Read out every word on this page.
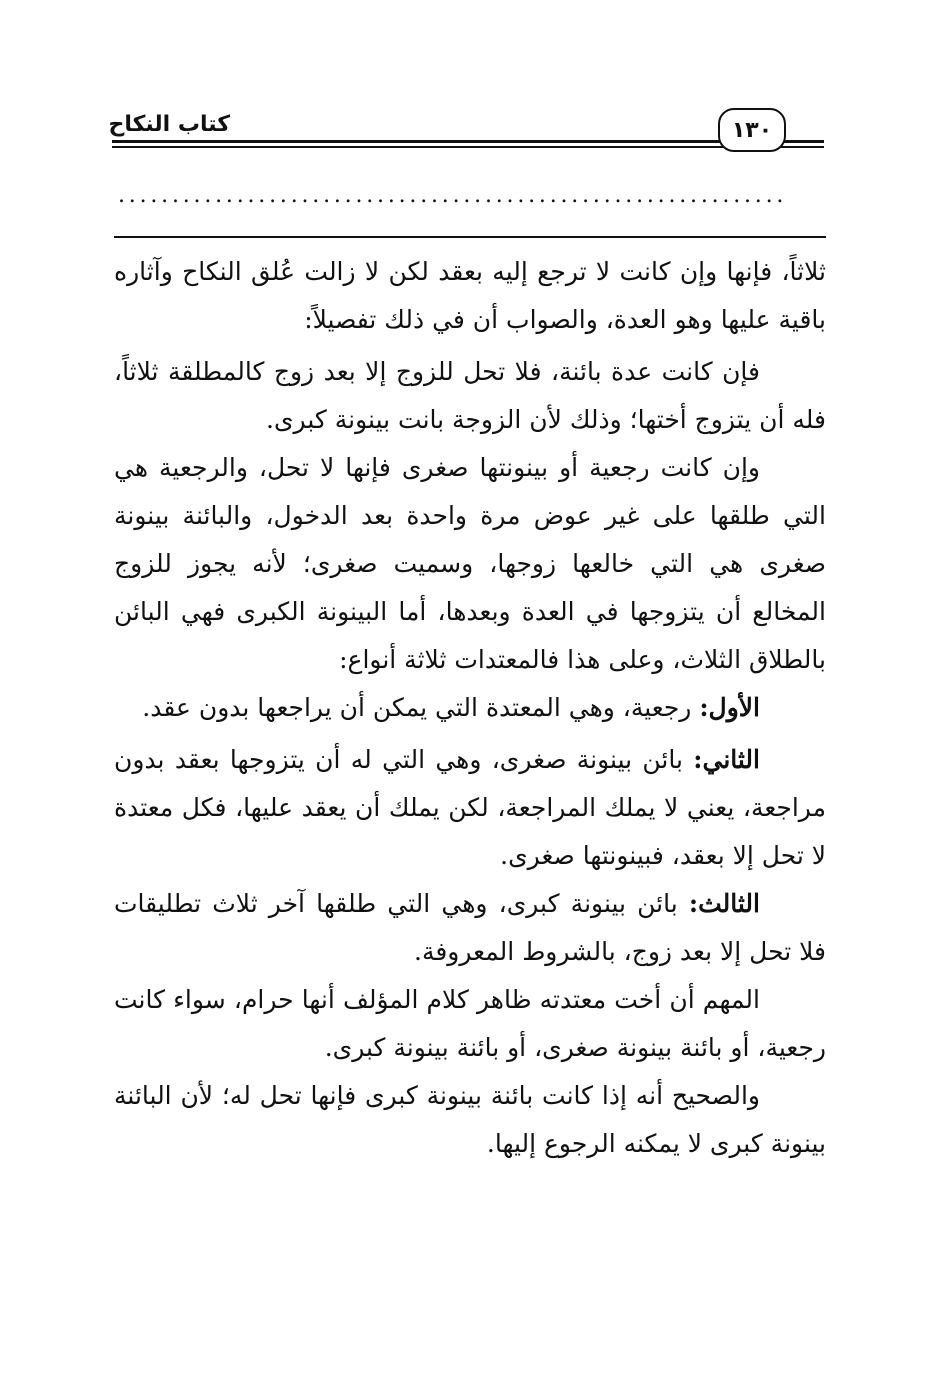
١٣٠
كتاب النكاح
..............................................................

ثلاثاً، فإنها وإن كانت لا ترجع إليه بعقد لكن لا زالت عُلق النكاح وآثاره باقية عليها وهو العدة، والصواب أن في ذلك تفصيلاً:

فإن كانت عدة بائنة، فلا تحل للزوج إلا بعد زوج كالمطلقة ثلاثاً، فله أن يتزوج أختها؛ وذلك لأن الزوجة بانت بينونة كبرى.

وإن كانت رجعية أو بينونتها صغرى فإنها لا تحل، والرجعية هي التي طلقها على غير عوض مرة واحدة بعد الدخول، والبائنة بينونة صغرى هي التي خالعها زوجها، وسميت صغرى؛ لأنه يجوز للزوج المخالع أن يتزوجها في العدة وبعدها، أما البينونة الكبرى فهي البائن بالطلاق الثلاث، وعلى هذا فالمعتدات ثلاثة أنواع:

الأول: رجعية، وهي المعتدة التي يمكن أن يراجعها بدون عقد.

الثاني: بائن بينونة صغرى، وهي التي له أن يتزوجها بعقد بدون مراجعة، يعني لا يملك المراجعة، لكن يملك أن يعقد عليها، فكل معتدة لا تحل إلا بعقد، فبينونتها صغرى.

الثالث: بائن بينونة كبرى، وهي التي طلقها آخر ثلاث تطليقات فلا تحل إلا بعد زوج، بالشروط المعروفة.

المهم أن أخت معتدته ظاهر كلام المؤلف أنها حرام، سواء كانت رجعية، أو بائنة بينونة صغرى، أو بائنة بينونة كبرى.

والصحيح أنه إذا كانت بائنة بينونة كبرى فإنها تحل له؛ لأن البائنة بينونة كبرى لا يمكنه الرجوع إليها.
